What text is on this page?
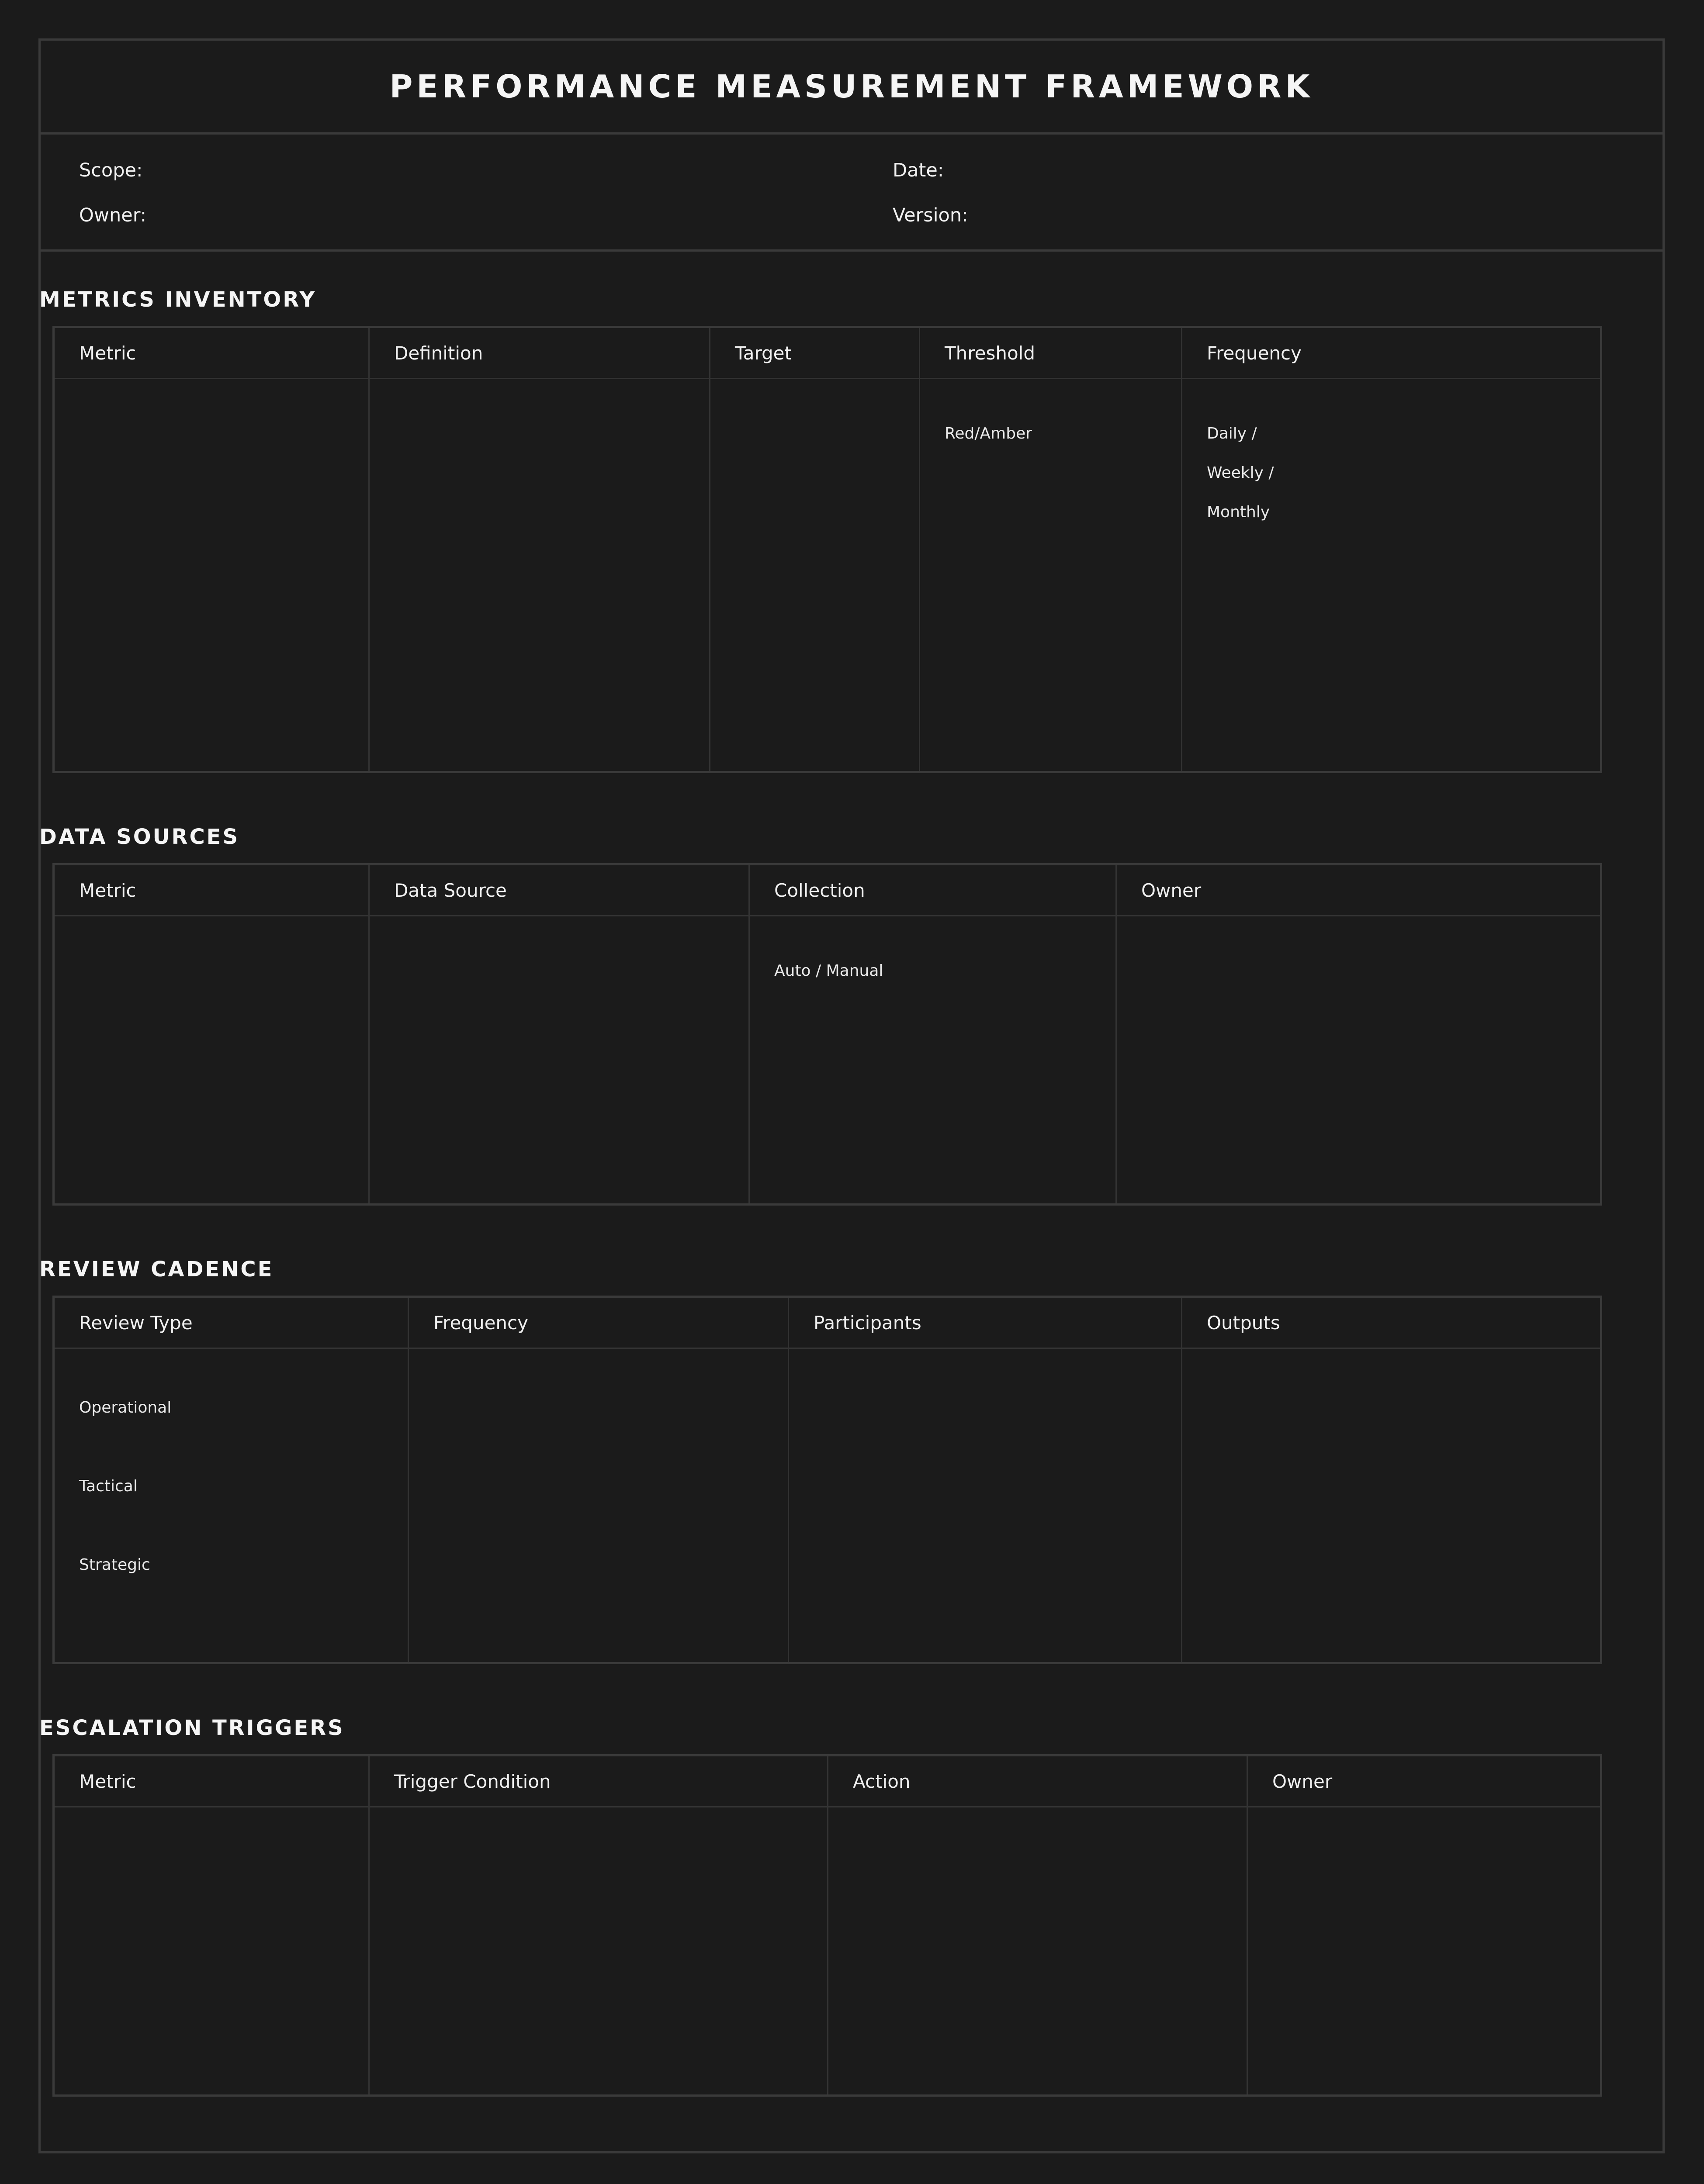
PERFORMANCE MEASUREMENT FRAMEWORK
Scope:	Date:
Owner:	Version:
METRICS INVENTORY
Metric	Definition	Target	Threshold	Frequency

			Red/Amber	Daily /
Weekly /
Monthly
DATA SOURCES
Metric	Data Source	Collection	Owner

		Auto / Manual	

REVIEW CADENCE
Review Type	Frequency	Participants	Outputs

Operational
Tactical
Strategic			

ESCALATION TRIGGERS
Metric	Trigger Condition	Action	Owner
